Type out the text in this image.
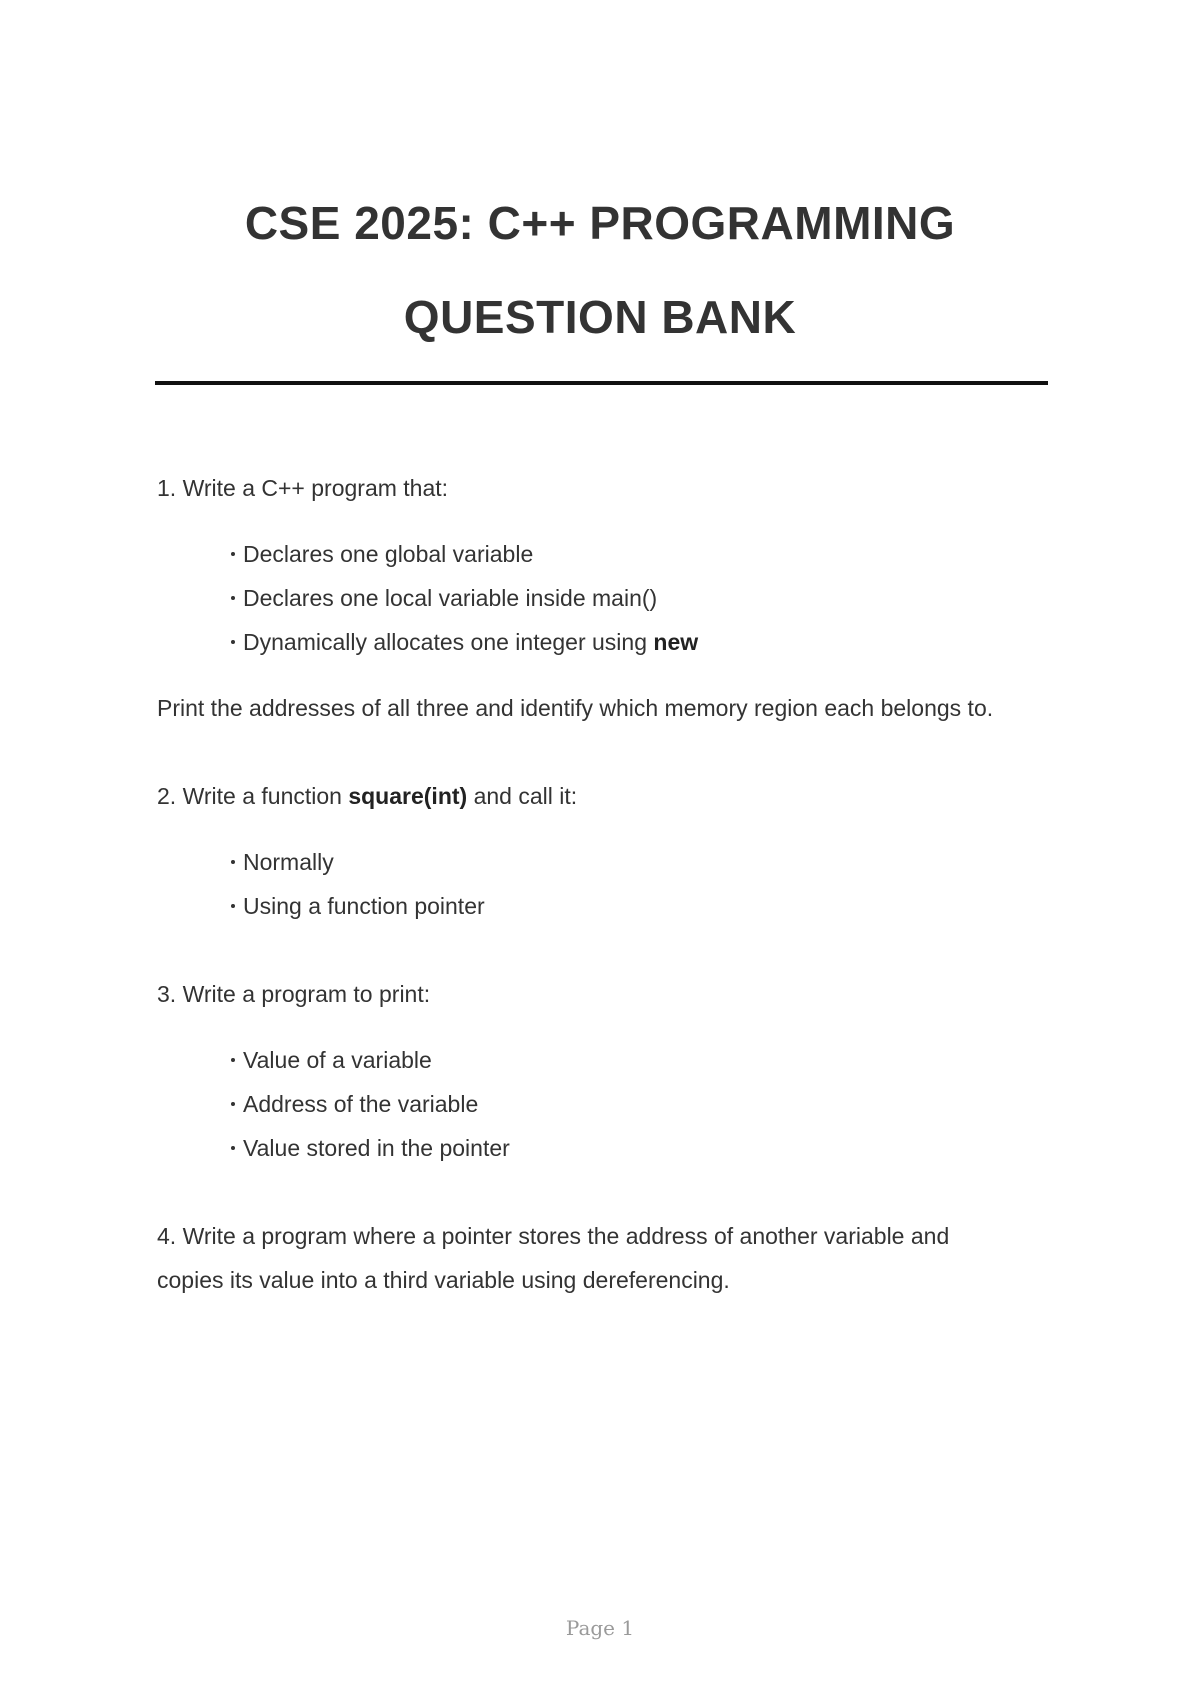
CSE 2025: C++ PROGRAMMING
QUESTION BANK

1. Write a C++ program that:

Declares one global variable
Declares one local variable inside main()
Dynamically allocates one integer using new

Print the addresses of all three and identify which memory region each belongs to.

2. Write a function square(int) and call it:

Normally
Using a function pointer

3. Write a program to print:

Value of a variable
Address of the variable
Value stored in the pointer

4. Write a program where a pointer stores the address of another variable and

copies its value into a third variable using dereferencing.

Page 1
